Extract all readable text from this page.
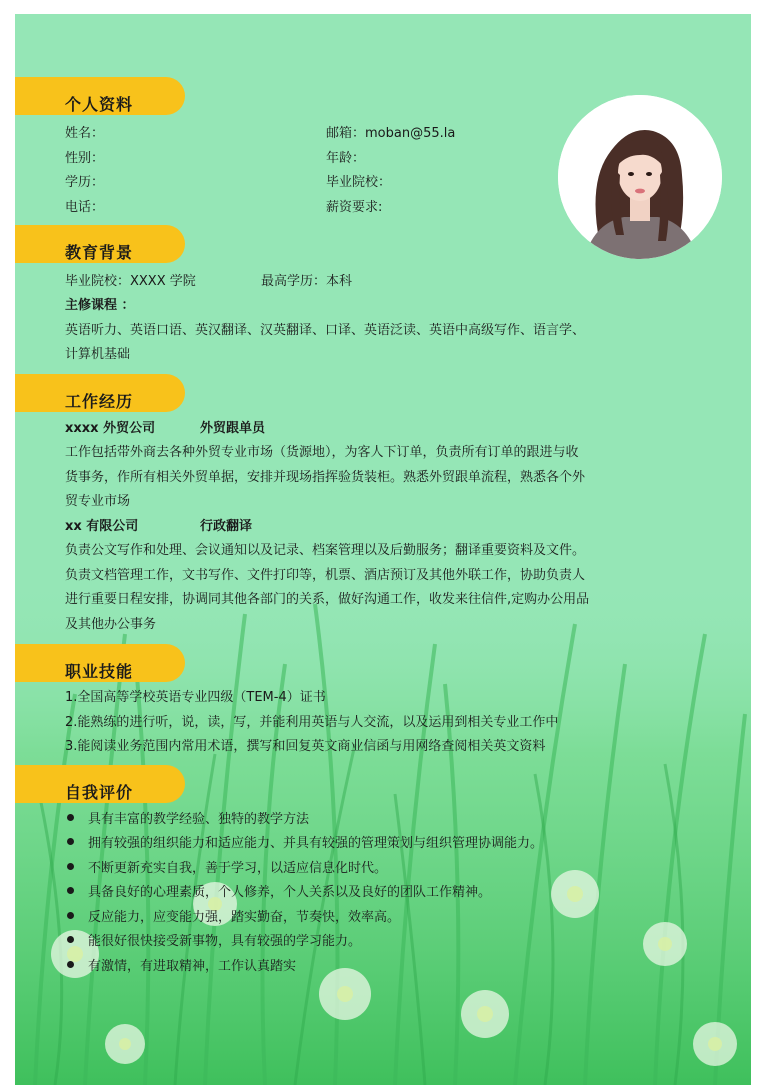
个人资料
姓名：	邮箱：moban@55.la
性别：	年龄：
学历：	毕业院校：
电话：	薪资要求:
教育背景
毕业院校：XXXX 学院	最高学历：本科
主修课程 ：
英语听力、英语口语、英汉翻译、汉英翻译、口译、英语泛读、英语中高级写作、语言学、
计算机基础
工作经历
xxxx 外贸公司	外贸跟单员
工作包括带外商去各种外贸专业市场（货源地），为客人下订单，负责所有订单的跟进与收
货事务，作所有相关外贸单据，安排并现场指挥验货装柜。熟悉外贸跟单流程，熟悉各个外
贸专业市场
xx 有限公司	行政翻译
负责公文写作和处理、会议通知以及记录、档案管理以及后勤服务；翻译重要资料及文件。
负责文档管理工作，文书写作、文件打印等，机票、酒店预订及其他外联工作，协助负责人
进行重要日程安排，协调同其他各部门的关系，做好沟通工作，收发来往信件,定购办公用品
及其他办公事务
职业技能
1.全国高等学校英语专业四级（TEM-4）证书
2.能熟练的进行听，说，读，写，并能利用英语与人交流，以及运用到相关专业工作中
3.能阅读业务范围内常用术语，撰写和回复英文商业信函与用网络查阅相关英文资料
自我评价
具有丰富的教学经验、独特的教学方法
拥有较强的组织能力和适应能力、并具有较强的管理策划与组织管理协调能力。
不断更新充实自我，善于学习，以适应信息化时代。
具备良好的心理素质，个人修养，个人关系以及良好的团队工作精神。
反应能力，应变能力强，踏实勤奋，节奏快，效率高。
能很好很快接受新事物，具有较强的学习能力。
有激情，有进取精神，工作认真踏实
